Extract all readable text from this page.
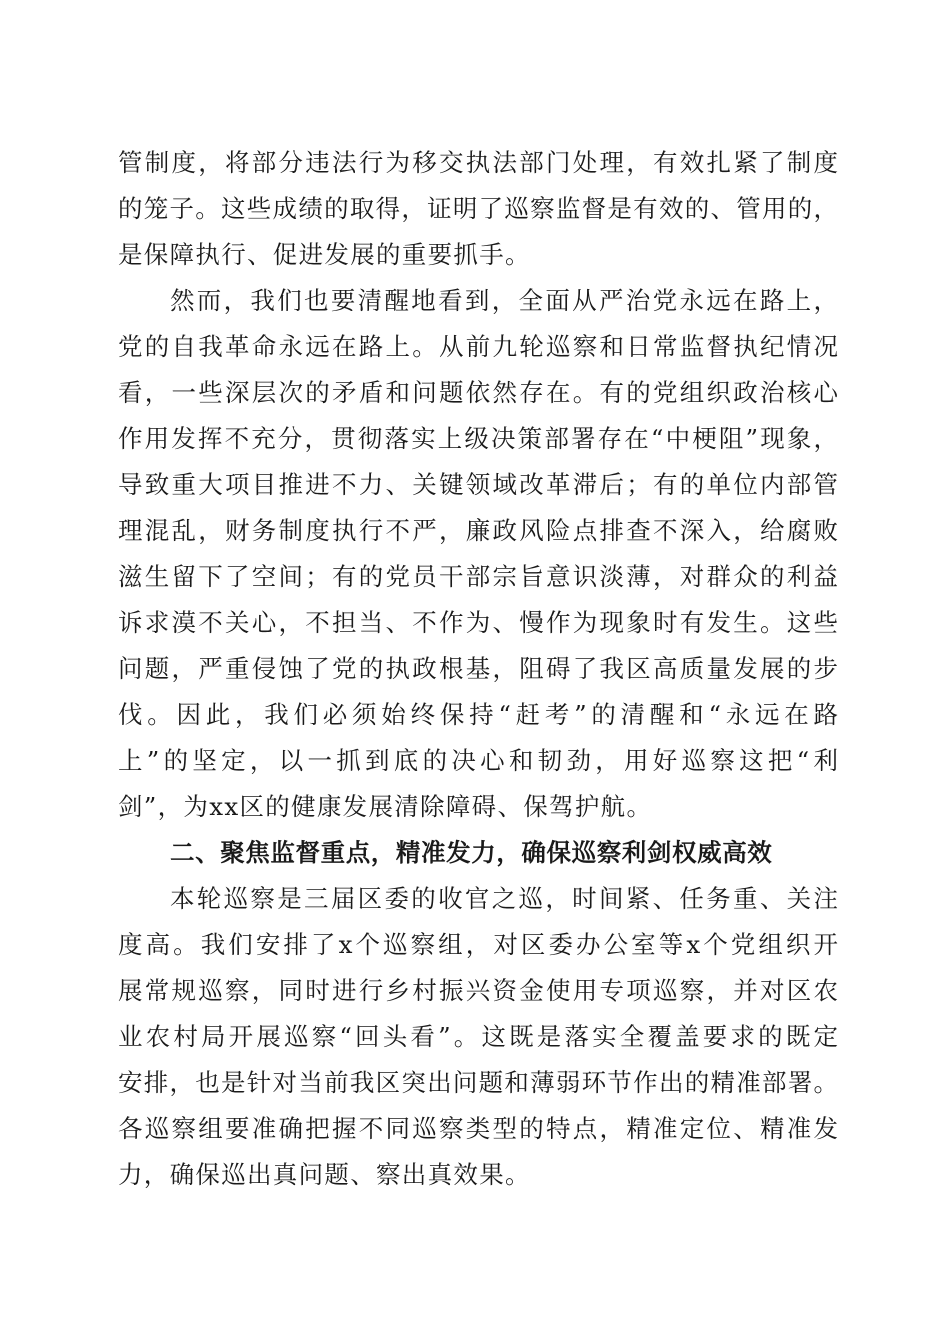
管制度，将部分违法行为移交执法部门处理，有效扎紧了制度
的笼子。这些成绩的取得，证明了巡察监督是有效的、管用的，
是保障执行、促进发展的重要抓手。
然而，我们也要清醒地看到，全面从严治党永远在路上，
党的自我革命永远在路上。从前九轮巡察和日常监督执纪情况
看，一些深层次的矛盾和问题依然存在。有的党组织政治核心
作用发挥不充分，贯彻落实上级决策部署存在“中梗阻”现象，
导致重大项目推进不力、关键领域改革滞后；有的单位内部管
理混乱，财务制度执行不严，廉政风险点排查不深入，给腐败
滋生留下了空间；有的党员干部宗旨意识淡薄，对群众的利益
诉求漠不关心，不担当、不作为、慢作为现象时有发生。这些
问题，严重侵蚀了党的执政根基，阻碍了我区高质量发展的步
伐。因此，我们必须始终保持“赶考”的清醒和“永远在路
上”的坚定，以一抓到底的决心和韧劲，用好巡察这把“利
剑”，为xx区的健康发展清除障碍、保驾护航。
二、聚焦监督重点，精准发力，确保巡察利剑权威高效
本轮巡察是三届区委的收官之巡，时间紧、任务重、关注
度高。我们安排了x个巡察组，对区委办公室等x个党组织开
展常规巡察，同时进行乡村振兴资金使用专项巡察，并对区农
业农村局开展巡察“回头看”。这既是落实全覆盖要求的既定
安排，也是针对当前我区突出问题和薄弱环节作出的精准部署。
各巡察组要准确把握不同巡察类型的特点，精准定位、精准发
力，确保巡出真问题、察出真效果。
